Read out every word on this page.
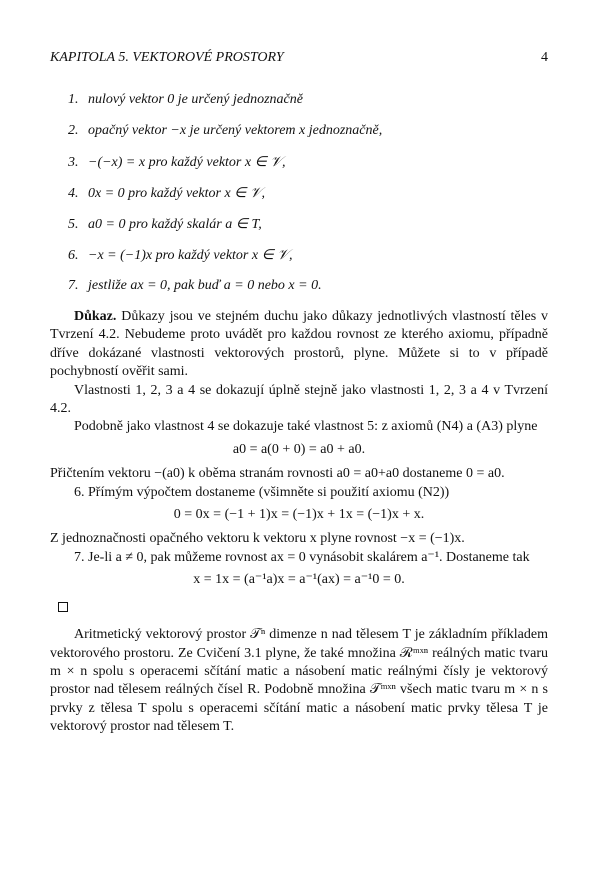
KAPITOLA 5. VEKTOROVÉ PROSTORY	4
1. nulový vektor 0 je určený jednoznačně
2. opačný vektor −x je určený vektorem x jednoznačně,
3. −(−x) = x pro každý vektor x ∈ 𝒱,
4. 0x = 0 pro každý vektor x ∈ 𝒱,
5. a0 = 0 pro každý skalár a ∈ T,
6. −x = (−1)x pro každý vektor x ∈ 𝒱,
7. jestliže ax = 0, pak buď a = 0 nebo x = 0.

Důkaz. Důkazy jsou ve stejném duchu jako důkazy jednotlivých vlastností těles v Tvrzení 4.2. Nebudeme proto uvádět pro každou rovnost ze kterého axiomu, případně dříve dokázané vlastnosti vektorových prostorů, plyne. Můžete si to v případě pochybností ověřit sami.

Vlastnosti 1, 2, 3 a 4 se dokazují úplně stejně jako vlastnosti 1, 2, 3 a 4 v Tvrzení 4.2.

Podobně jako vlastnost 4 se dokazuje také vlastnost 5: z axiomů (N4) a (A3) plyne

a0 = a(0 + 0) = a0 + a0.

Přičtením vektoru −(a0) k oběma stranám rovnosti a0 = a0+a0 dostaneme 0 = a0.

6. Přímým výpočtem dostaneme (všimněte si použití axiomu (N2))

0 = 0x = (−1 + 1)x = (−1)x + 1x = (−1)x + x.

Z jednoznačnosti opačného vektoru k vektoru x plyne rovnost −x = (−1)x.

7. Je-li a ≠ 0, pak můžeme rovnost ax = 0 vynásobit skalárem a⁻¹. Dostaneme tak

x = 1x = (a⁻¹a)x = a⁻¹(ax) = a⁻¹0 = 0.

Aritmetický vektorový prostor 𝒯ⁿ dimenze n nad tělesem T je základním příkladem vektorového prostoru. Ze Cvičení 3.1 plyne, že také množina ℛᵐˣⁿ reálných matic tvaru m × n spolu s operacemi sčítání matic a násobení matic reálnými čísly je vektorový prostor nad tělesem reálných čísel R. Podobně množina 𝒯ᵐˣⁿ všech matic tvaru m × n s prvky z tělesa T spolu s operacemi sčítání matic a násobení matic prvky tělesa T je vektorový prostor nad tělesem T.
